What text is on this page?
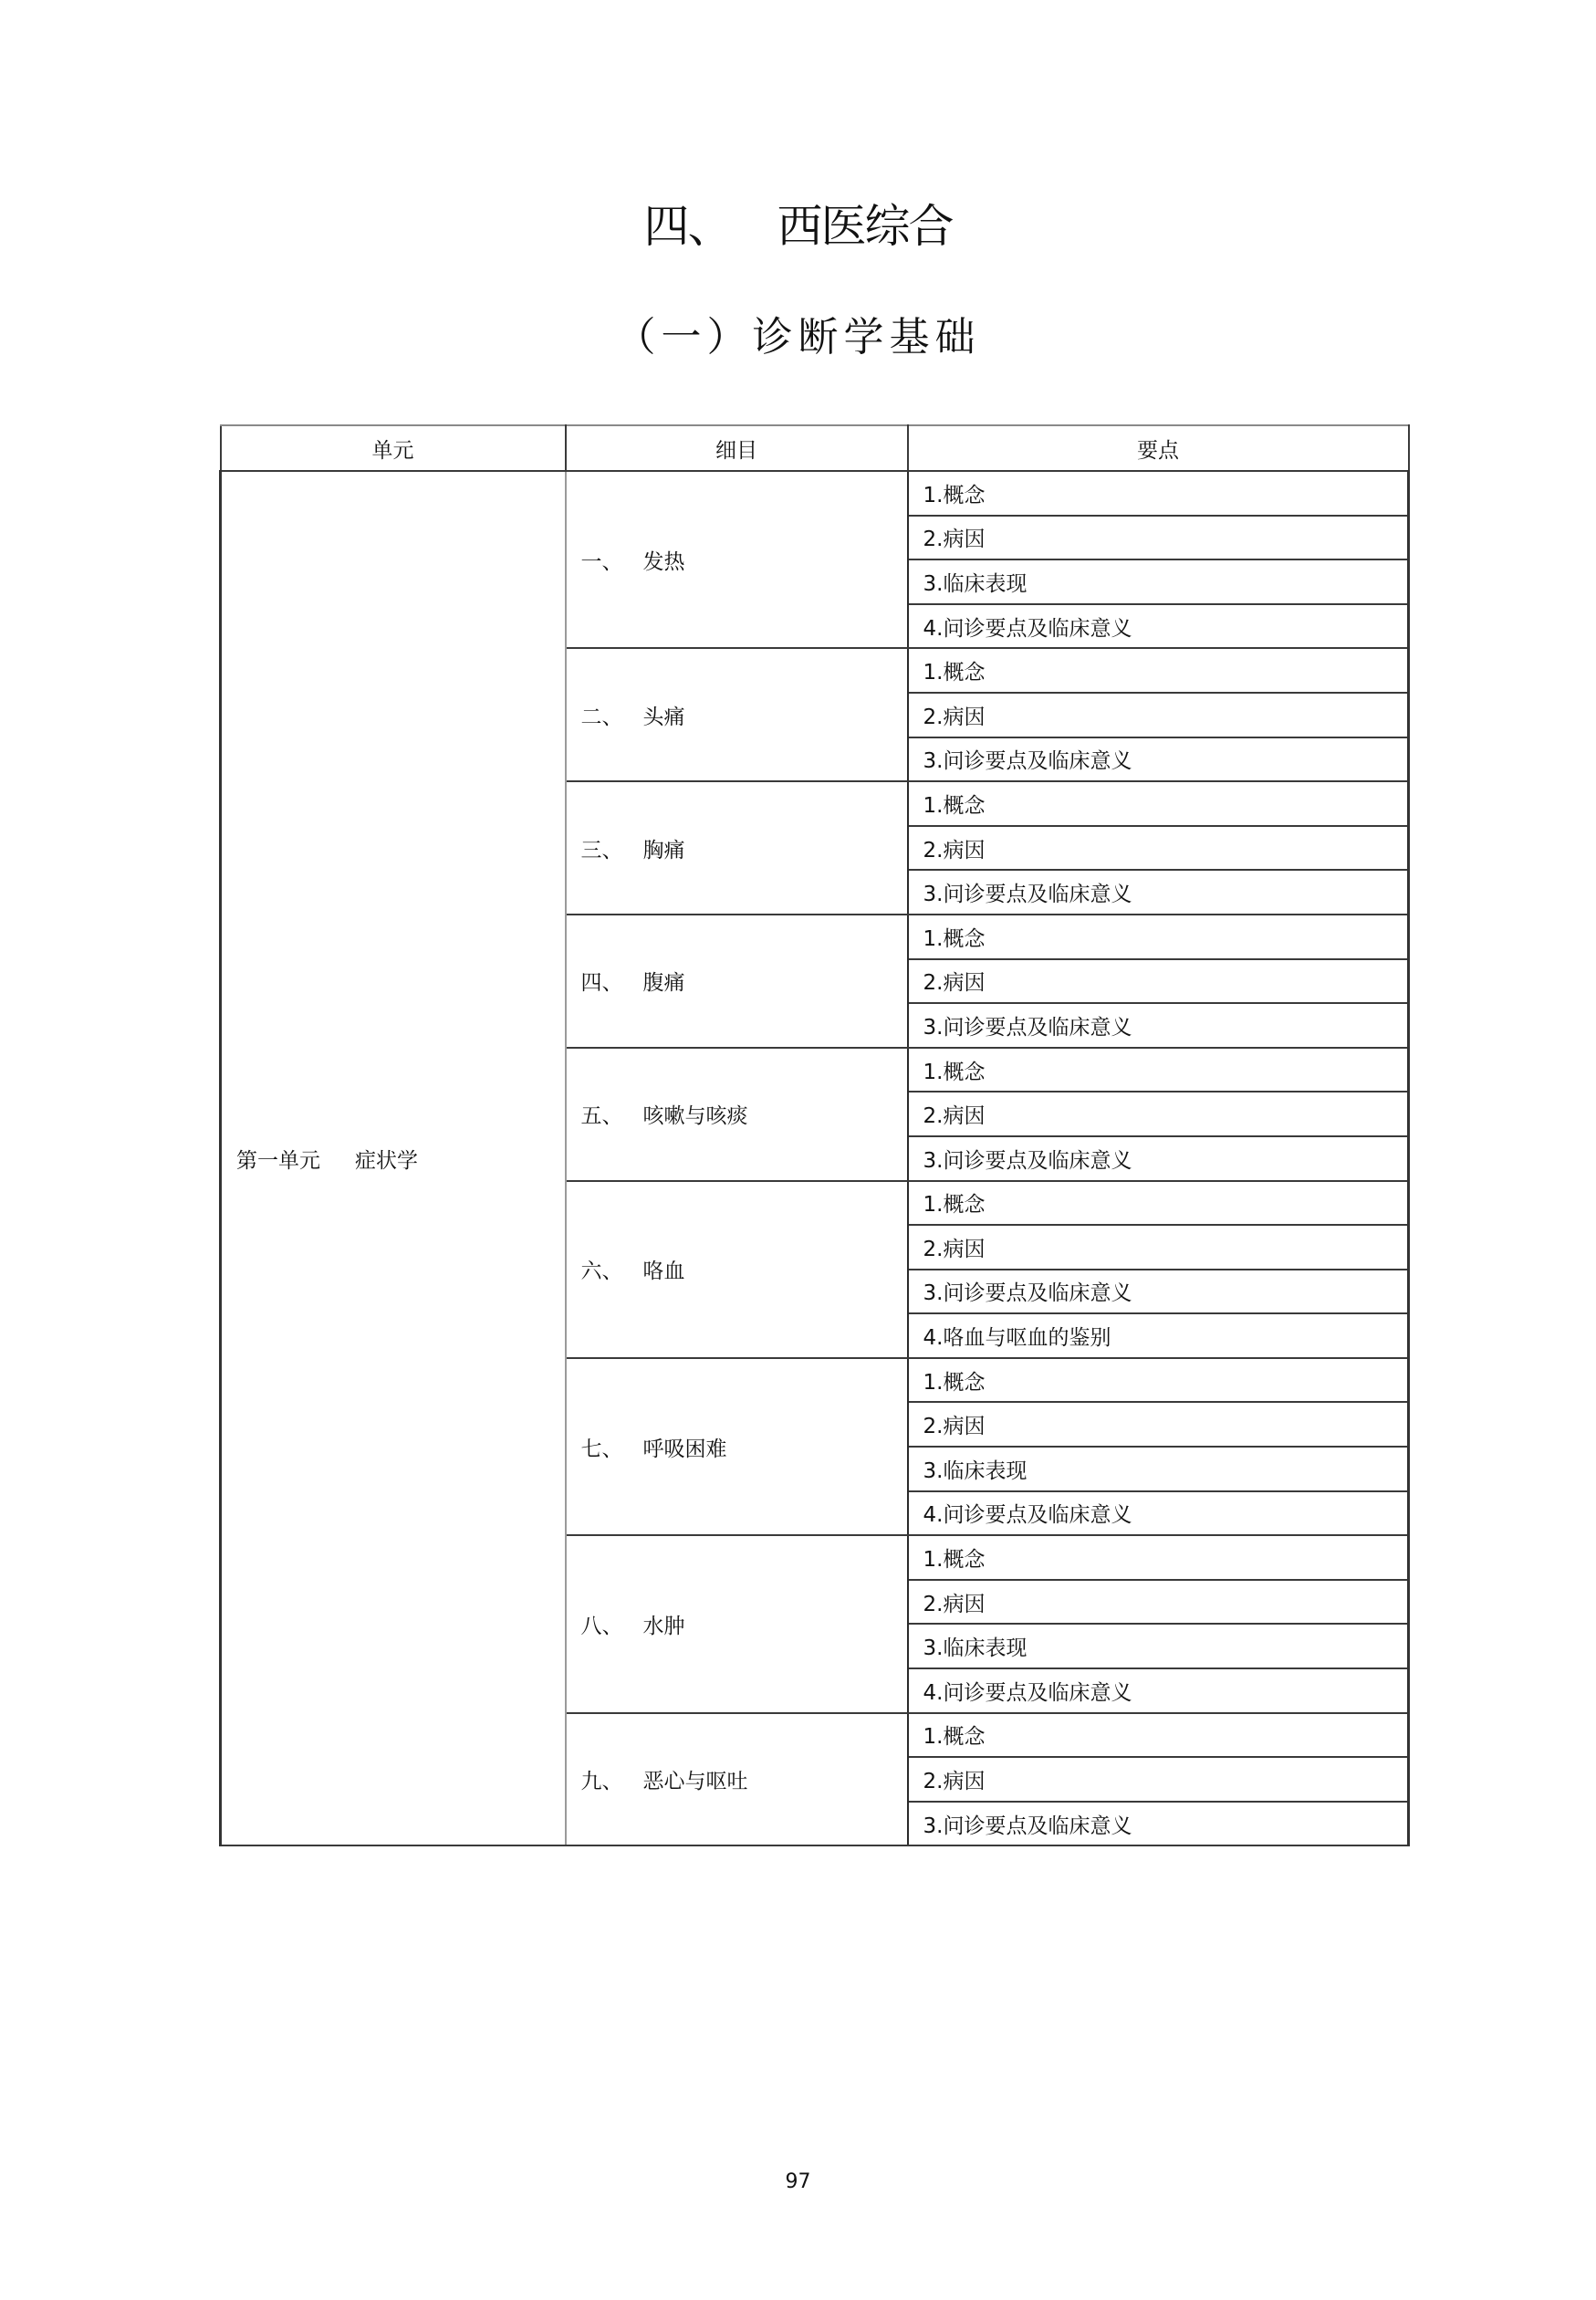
四、 西医综合
（一）诊断学基础
单元	细目	要点
第一单元 症状学	一、 发热	1.概念
		2.病因
		3.临床表现
		4.问诊要点及临床意义
	二、 头痛	1.概念
		2.病因
		3.问诊要点及临床意义
	三、 胸痛	1.概念
		2.病因
		3.问诊要点及临床意义
	四、 腹痛	1.概念
		2.病因
		3.问诊要点及临床意义
	五、 咳嗽与咳痰	1.概念
		2.病因
		3.问诊要点及临床意义
	六、 咯血	1.概念
		2.病因
		3.问诊要点及临床意义
		4.咯血与呕血的鉴别
	七、 呼吸困难	1.概念
		2.病因
		3.临床表现
		4.问诊要点及临床意义
	八、 水肿	1.概念
		2.病因
		3.临床表现
		4.问诊要点及临床意义
	九、 恶心与呕吐	1.概念
		2.病因
		3.问诊要点及临床意义
97
